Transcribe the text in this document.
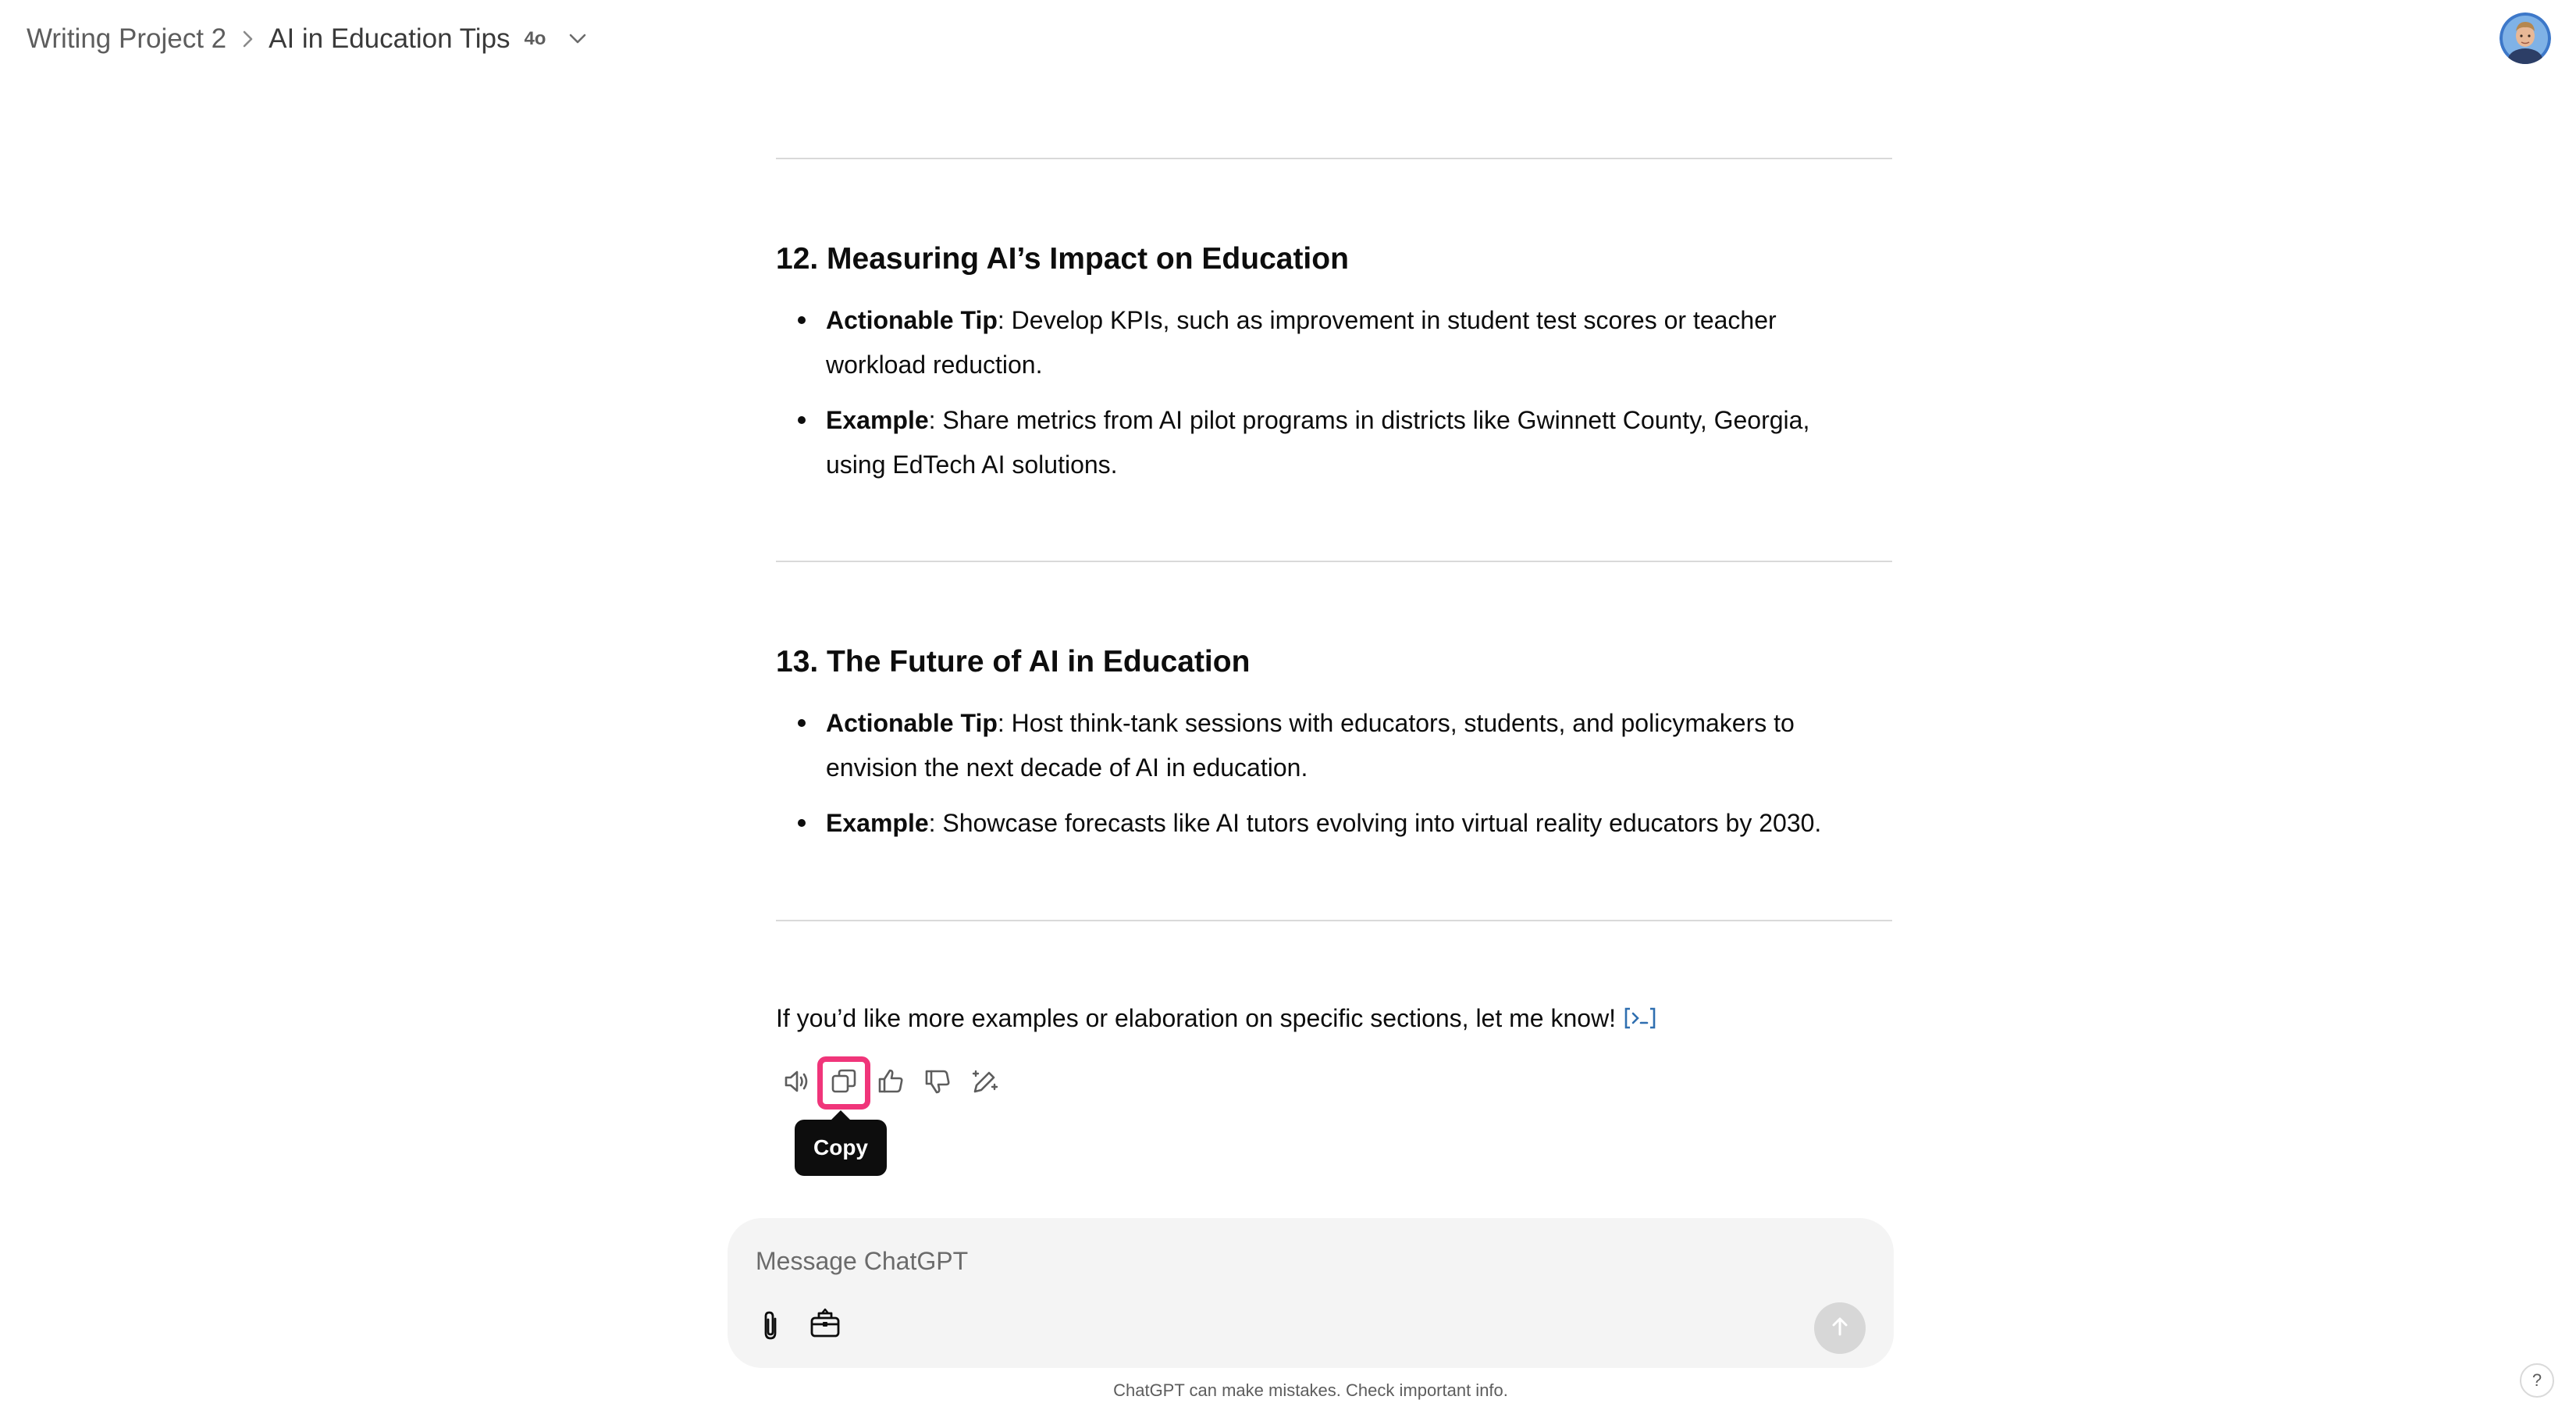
Writing Project 2 AI in Education Tips 4o
12. Measuring AI’s Impact on Education
Actionable Tip: Develop KPIs, such as improvement in student test scores or teacher
workload reduction.
Example: Share metrics from AI pilot programs in districts like Gwinnett County, Georgia,
using EdTech AI solutions.
13. The Future of AI in Education
Actionable Tip: Host think-tank sessions with educators, students, and policymakers to
envision the next decade of AI in education.
Example: Showcase forecasts like AI tutors evolving into virtual reality educators by 2030.
If you’d like more examples or elaboration on specific sections, let me know!
Copy
Message ChatGPT
ChatGPT can make mistakes. Check important info.
?
